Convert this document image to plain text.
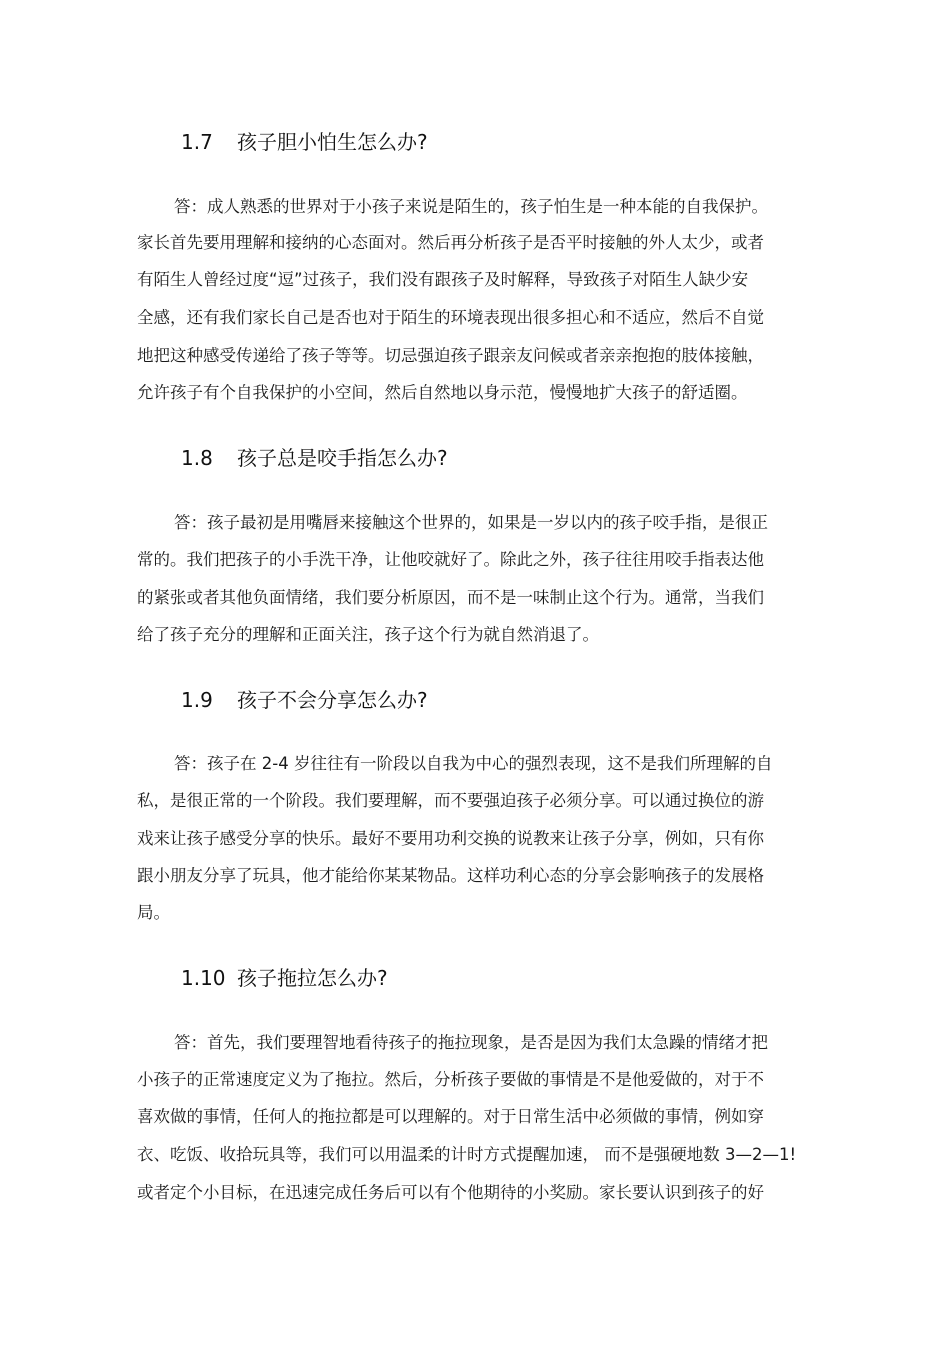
1.7 孩子胆小怕生怎么办?
答：成人熟悉的世界对于小孩子来说是陌生的，孩子怕生是一种本能的自我保护。
家长首先要用理解和接纳的心态面对。然后再分析孩子是否平时接触的外人太少，或者
有陌生人曾经过度“逗”过孩子，我们没有跟孩子及时解释，导致孩子对陌生人缺少安
全感，还有我们家长自己是否也对于陌生的环境表现出很多担心和不适应，然后不自觉
地把这种感受传递给了孩子等等。切忌强迫孩子跟亲友问候或者亲亲抱抱的肢体接触，
允许孩子有个自我保护的小空间，然后自然地以身示范，慢慢地扩大孩子的舒适圈。
1.8 孩子总是咬手指怎么办?
答：孩子最初是用嘴唇来接触这个世界的，如果是一岁以内的孩子咬手指，是很正
常的。我们把孩子的小手洗干净，让他咬就好了。除此之外，孩子往往用咬手指表达他
的紧张或者其他负面情绪，我们要分析原因，而不是一味制止这个行为。通常，当我们
给了孩子充分的理解和正面关注，孩子这个行为就自然消退了。
1.9 孩子不会分享怎么办?
答：孩子在 2-4 岁往往有一阶段以自我为中心的强烈表现，这不是我们所理解的自
私，是很正常的一个阶段。我们要理解，而不要强迫孩子必须分享。可以通过换位的游
戏来让孩子感受分享的快乐。最好不要用功利交换的说教来让孩子分享，例如，只有你
跟小朋友分享了玩具，他才能给你某某物品。这样功利心态的分享会影响孩子的发展格
局。
1.10 孩子拖拉怎么办?
答：首先，我们要理智地看待孩子的拖拉现象，是否是因为我们太急躁的情绪才把
小孩子的正常速度定义为了拖拉。然后，分析孩子要做的事情是不是他爱做的，对于不
喜欢做的事情，任何人的拖拉都是可以理解的。对于日常生活中必须做的事情，例如穿
衣、吃饭、收拾玩具等，我们可以用温柔的计时方式提醒加速， 而不是强硬地数 3—2—1!
或者定个小目标，在迅速完成任务后可以有个他期待的小奖励。家长要认识到孩子的好
